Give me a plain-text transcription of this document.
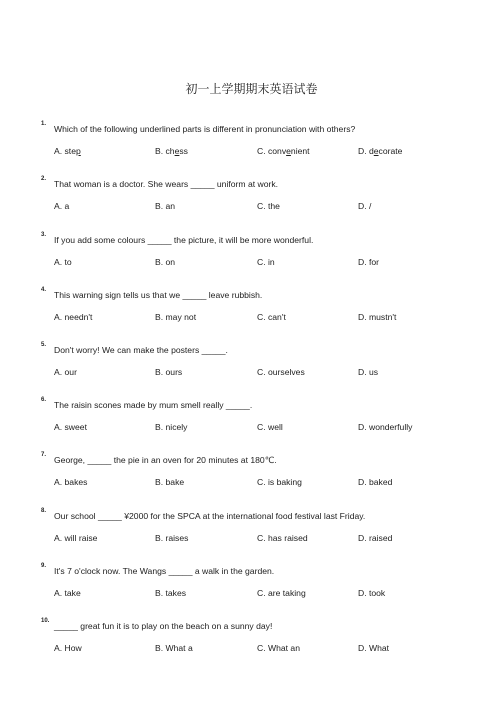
初一上学期期末英语试卷
1. Which of the following underlined parts is different in pronunciation with others?
A. step	B. chess	C. convenient	D. decorate
2. That woman is a doctor. She wears _____ uniform at work.
A. a	B. an	C. the	D. /
3. If you add some colours _____ the picture, it will be more wonderful.
A. to	B. on	C. in	D. for
4. This warning sign tells us that we _____ leave rubbish.
A. needn't	B. may not	C. can't	D. mustn't
5. Don't worry! We can make the posters _____.
A. our	B. ours	C. ourselves	D. us
6. The raisin scones made by mum smell really _____.
A. sweet	B. nicely	C. well	D. wonderfully
7. George, _____ the pie in an oven for 20 minutes at 180℃.
A. bakes	B. bake	C. is baking	D. baked
8. Our school _____ ¥2000 for the SPCA at the international food festival last Friday.
A. will raise	B. raises	C. has raised	D. raised
9. It's 7 o'clock now. The Wangs _____ a walk in the garden.
A. take	B. takes	C. are taking	D. took
10. _____ great fun it is to play on the beach on a sunny day!
A. How	B. What a	C. What an	D. What
